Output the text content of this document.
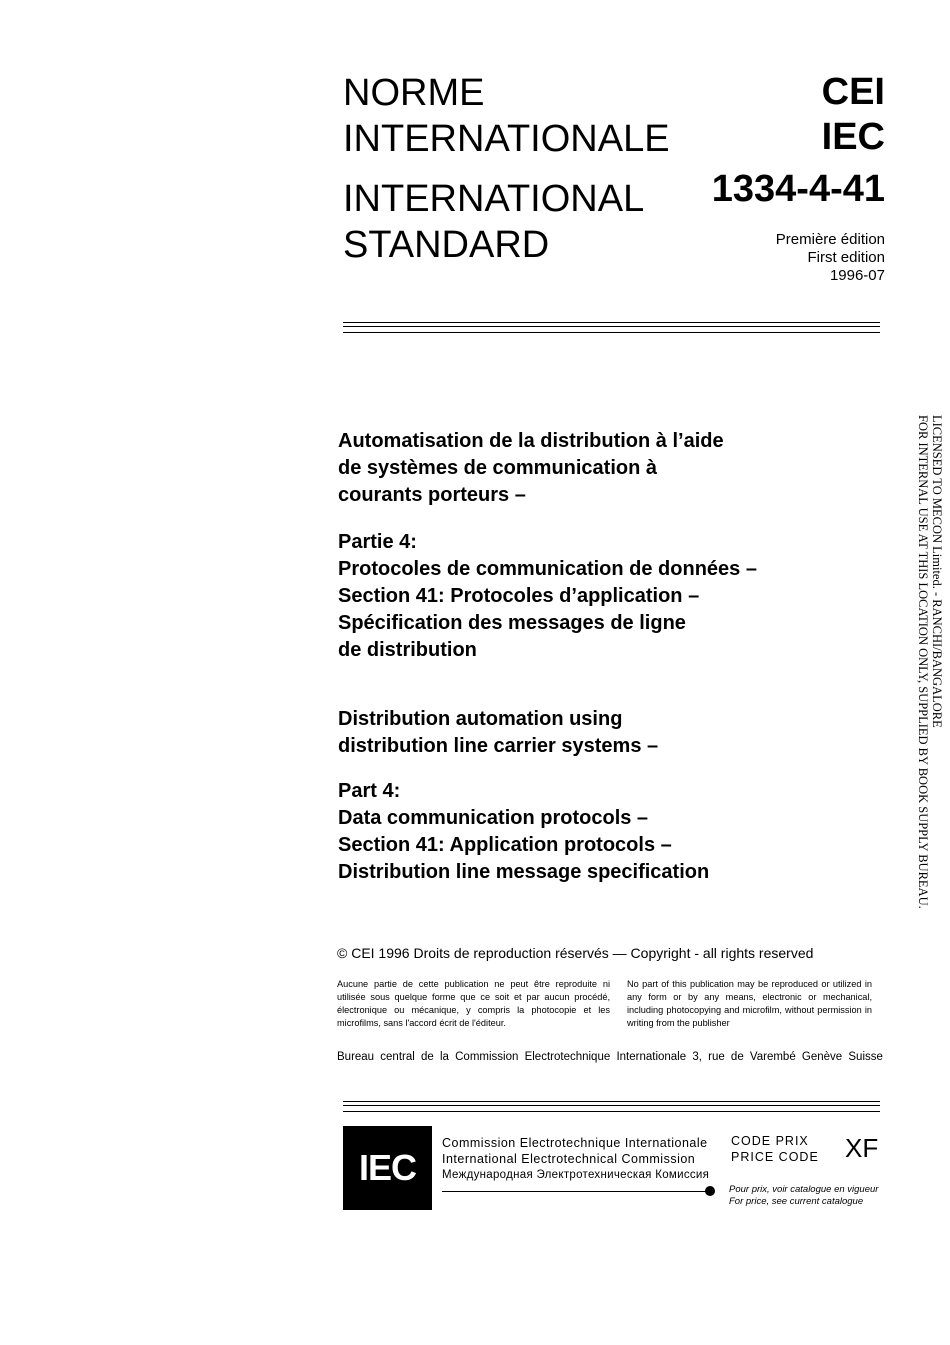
NORME
INTERNATIONALE
INTERNATIONAL
STANDARD
CEI
IEC
1334-4-41
Première édition
First edition
1996-07
Automatisation de la distribution à l’aide
de systèmes de communication à
courants porteurs –
Partie 4:
Protocoles de communication de données –
Section 41: Protocoles d’application –
Spécification des messages de ligne
de distribution
Distribution automation using
distribution line carrier systems –
Part 4:
Data communication protocols –
Section 41: Application protocols –
Distribution line message specification
LICENSED TO MECON Limited. - RANCHI/BANGALORE
FOR INTERNAL USE AT THIS LOCATION ONLY, SUPPLIED BY BOOK SUPPLY BUREAU.
© CEI 1996 Droits de reproduction réservés — Copyright - all rights reserved
Aucune partie de cette publication ne peut être reproduite ni utilisée sous quelque forme que ce soit et par aucun procédé, électronique ou mécanique, y compris la photocopie et les microfilms, sans l'accord écrit de l'éditeur.
No part of this publication may be reproduced or utilized in any form or by any means, electronic or mechanical, including photocopying and microfilm, without permission in writing from the publisher
Bureau central de la Commission Electrotechnique Internationale 3, rue de Varembé Genève Suisse
IEC
Commission Electrotechnique Internationale
International Electrotechnical Commission
Международная Электротехническая Комиссия
CODE PRIX
PRICE CODE XF
Pour prix, voir catalogue en vigueur
For price, see current catalogue
